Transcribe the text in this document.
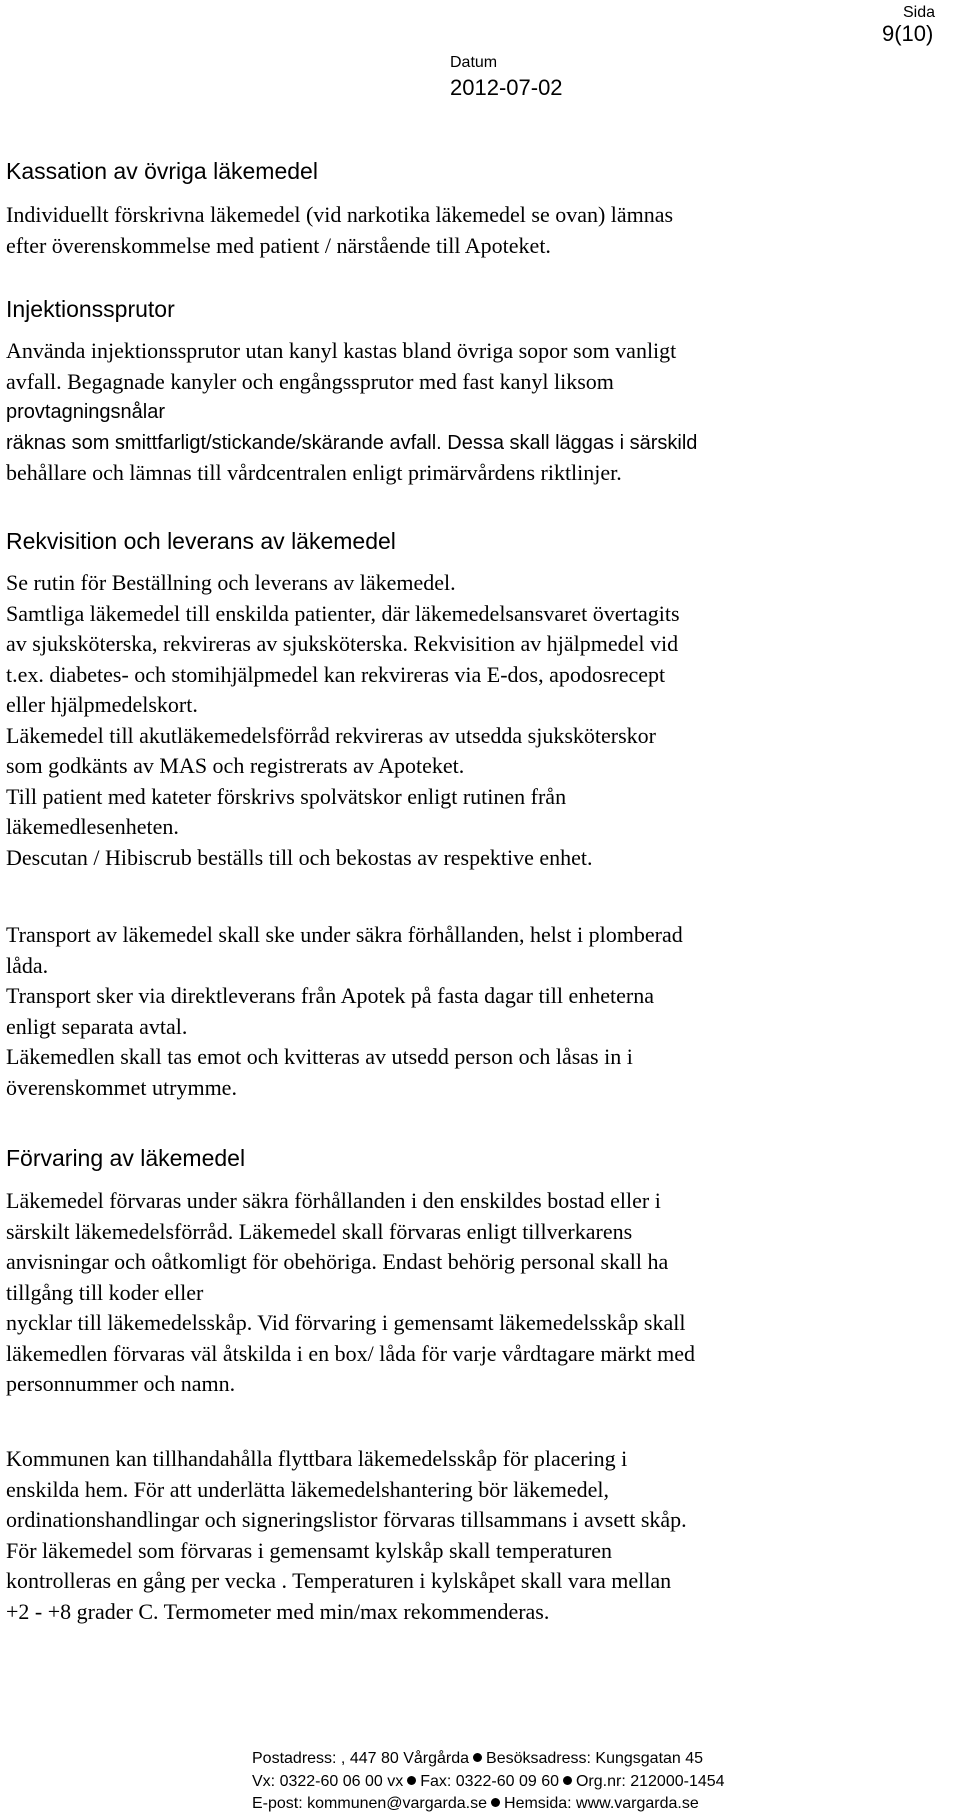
Sida
9(10)
Datum
2012-07-02
Kassation av övriga läkemedel
Individuellt förskrivna läkemedel (vid narkotika läkemedel se ovan) lämnas
efter överenskommelse med patient / närstående till Apoteket.
Injektionssprutor
Använda injektionssprutor utan kanyl kastas bland övriga sopor som vanligt
avfall. Begagnade kanyler och engångssprutor med fast kanyl liksom
provtagningsnålar
räknas som smittfarligt/stickande/skärande avfall. Dessa skall läggas i särskild
behållare och lämnas till vårdcentralen enligt primärvårdens riktlinjer.
Rekvisition och leverans av läkemedel
Se rutin för Beställning och leverans av läkemedel.
Samtliga läkemedel till enskilda patienter, där läkemedelsansvaret övertagits
av sjuksköterska, rekvireras av sjuksköterska. Rekvisition av hjälpmedel vid
t.ex. diabetes- och stomihjälpmedel kan rekvireras via E-dos, apodosrecept
eller hjälpmedelskort.
Läkemedel till akutläkemedelsförråd rekvireras av utsedda sjuksköterskor
som godkänts av MAS och registrerats av Apoteket.
Till patient med kateter förskrivs spolvätskor enligt rutinen från
läkemedlesenheten.
Descutan / Hibiscrub beställs till och bekostas av respektive enhet.
Transport av läkemedel skall ske under säkra förhållanden, helst i plomberad
låda.
Transport sker via direktleverans från Apotek på fasta dagar till enheterna
enligt separata avtal.
Läkemedlen skall tas emot och kvitteras av utsedd person och låsas in i
överenskommet utrymme.
Förvaring av läkemedel
Läkemedel förvaras under säkra förhållanden i den enskildes bostad eller i
särskilt läkemedelsförråd. Läkemedel skall förvaras enligt tillverkarens
anvisningar och oåtkomligt för obehöriga. Endast behörig personal skall ha
tillgång till koder eller
nycklar till läkemedelsskåp. Vid förvaring i gemensamt läkemedelsskåp skall
läkemedlen förvaras väl åtskilda i en box/ låda för varje vårdtagare märkt med
personnummer och namn.
Kommunen kan tillhandahålla flyttbara läkemedelsskåp för placering i
enskilda hem. För att underlätta läkemedelshantering bör läkemedel,
ordinationshandlingar och signeringslistor förvaras tillsammans i avsett skåp.
För läkemedel som förvaras i gemensamt kylskåp skall temperaturen
kontrolleras en gång per vecka . Temperaturen i kylskåpet skall vara mellan
+2 - +8 grader C. Termometer med min/max rekommenderas.
Postadress: , 447 80 Vårgårda Besöksadress: Kungsgatan 45
Vx: 0322-60 06 00 vx Fax: 0322-60 09 60 Org.nr: 212000-1454
E-post: kommunen@vargarda.se Hemsida: www.vargarda.se
